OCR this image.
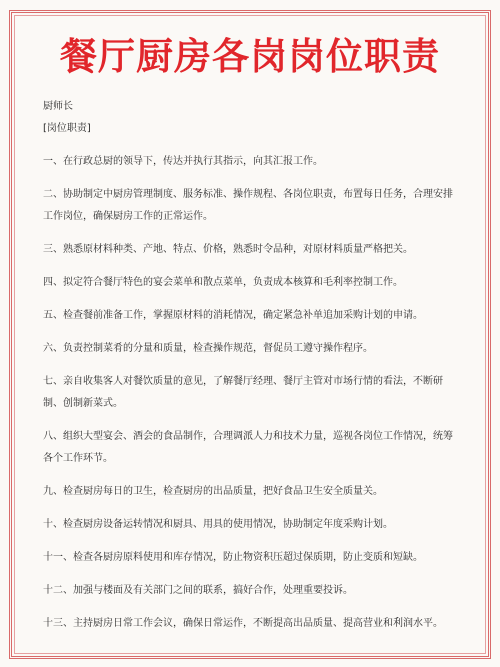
餐厅厨房各岗岗位职责

厨师长

[岗位职责]

一、在行政总厨的领导下，传达并执行其指示，向其汇报工作。
二、协助制定中厨房管理制度、服务标准、操作规程、各岗位职责，布置每日任务，合理安排工作岗位，确保厨房工作的正常运作。
三、熟悉原材料种类、产地、特点、价格，熟悉时令品种，对原材料质量严格把关。
四、拟定符合餐厅特色的宴会菜单和散点菜单，负责成本核算和毛利率控制工作。
五、检查餐前准备工作，掌握原材料的消耗情况，确定紧急补单追加采购计划的申请。
六、负责控制菜肴的分量和质量，检查操作规范，督促员工遵守操作程序。
七、亲自收集客人对餐饮质量的意见，了解餐厅经理、餐厅主管对市场行情的看法，不断研制、创制新菜式。
八、组织大型宴会、酒会的食品制作，合理调派人力和技术力量，巡视各岗位工作情况，统筹各个工作环节。
九、检查厨房每日的卫生，检查厨房的出品质量，把好食品卫生安全质量关。
十、检查厨房设备运转情况和厨具、用具的使用情况，协助制定年度采购计划。
十一、检查各厨房原料使用和库存情况，防止物资积压超过保质期，防止变质和短缺。
十二、加强与楼面及有关部门之间的联系，搞好合作，处理重要投诉。
十三、主持厨房日常工作会议，确保日常运作，不断提高出品质量、提高营业和利润水平。
